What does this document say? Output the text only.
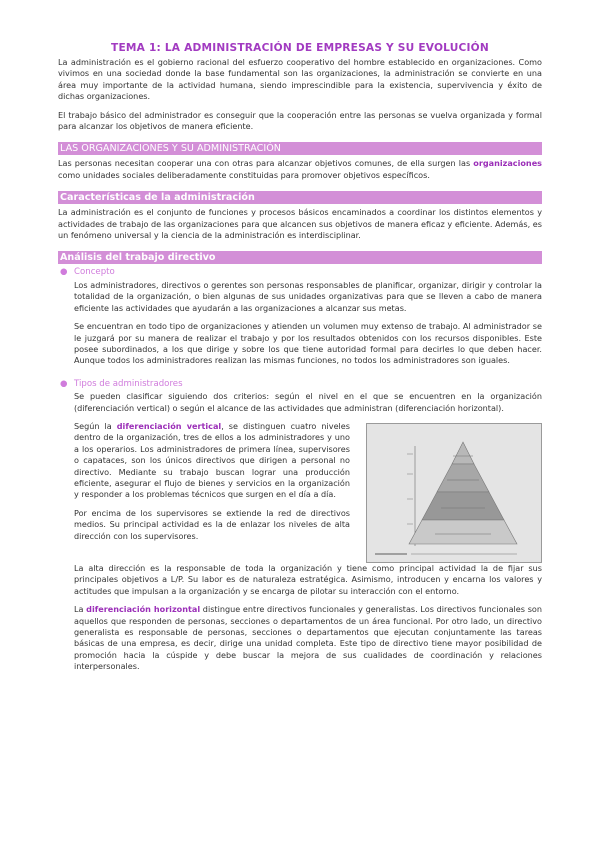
TEMA 1: LA ADMINISTRACIÓN DE EMPRESAS Y SU EVOLUCIÓN

La administración es el gobierno racional del esfuerzo cooperativo del hombre establecido en organizaciones. Como vivimos en una sociedad donde la base fundamental son las organizaciones, la administración se convierte en una área muy importante de la actividad humana, siendo imprescindible para la existencia, supervivencia y éxito de dichas organizaciones.

El trabajo básico del administrador es conseguir que la cooperación entre las personas se vuelva organizada y formal para alcanzar los objetivos de manera eficiente.

LAS ORGANIZACIONES Y SU ADMINISTRACIÓN

Las personas necesitan cooperar una con otras para alcanzar objetivos comunes, de ella surgen las organizaciones como unidades sociales deliberadamente constituidas para promover objetivos específicos.

Características de la administración

La administración es el conjunto de funciones y procesos básicos encaminados a coordinar los distintos elementos y actividades de trabajo de las organizaciones para que alcancen sus objetivos de manera eficaz y eficiente. Además, es un fenómeno universal y la ciencia de la administración es interdisciplinar.

Análisis del trabajo directivo
● Concepto

Los administradores, directivos o gerentes son personas responsables de planificar, organizar, dirigir y controlar la totalidad de la organización, o bien algunas de sus unidades organizativas para que se lleven a cabo de manera eficiente las actividades que ayudarán a las organizaciones a alcanzar sus metas.

Se encuentran en todo tipo de organizaciones y atienden un volumen muy extenso de trabajo. Al administrador se le juzgará por su manera de realizar el trabajo y por los resultados obtenidos con los recursos disponibles. Este posee subordinados, a los que dirige y sobre los que tiene autoridad formal para decirles lo que deben hacer. Aunque todos los administradores realizan las mismas funciones, no todos los administradores son iguales.

● Tipos de administradores

Se pueden clasificar siguiendo dos criterios: según el nivel en el que se encuentren en la organización (diferenciación vertical) o según el alcance de las actividades que administran (diferenciación horizontal).

Según la diferenciación vertical, se distinguen cuatro niveles dentro de la organización, tres de ellos a los administradores y uno a los operarios. Los administradores de primera línea, supervisores o capataces, son los únicos directivos que dirigen a personal no directivo. Mediante su trabajo buscan lograr una producción eficiente, asegurar el flujo de bienes y servicios en la organización y responder a los problemas técnicos que surgen en el día a día.

Por encima de los supervisores se extiende la red de directivos medios. Su principal actividad es la de enlazar los niveles de alta dirección con los supervisores.

La alta dirección es la responsable de toda la organización y tiene como principal actividad la de fijar sus principales objetivos a L/P. Su labor es de naturaleza estratégica. Asimismo, introducen y encarna los valores y actitudes que impulsan a la organización y se encarga de pilotar su interacción con el entorno.

La diferenciación horizontal distingue entre directivos funcionales y generalistas. Los directivos funcionales son aquellos que responden de personas, secciones o departamentos de un área funcional. Por otro lado, un directivo generalista es responsable de personas, secciones o departamentos que ejecutan conjuntamente las tareas básicas de una empresa, es decir, dirige una unidad completa. Este tipo de directivo tiene mayor posibilidad de promoción hacia la cúspide y debe buscar la mejora de sus cualidades de coordinación y relaciones interpersonales.
